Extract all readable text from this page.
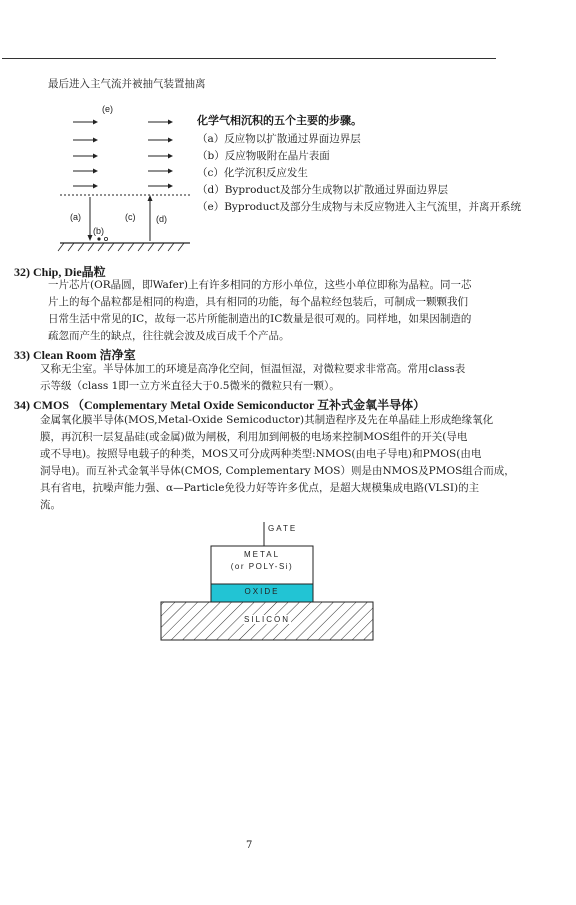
最后进入主气流并被抽气装置抽离
(e)
(a)
(b)
(c) (d)
化学气相沉积的五个主要的步骤。
（a）反应物以扩散通过界面边界层
（b）反应物吸附在晶片表面
（c）化学沉积反应发生
（d）Byproduct及部分生成物以扩散通过界面边界层
（e）Byproduct及部分生成物与未反应物进入主气流里，并离开系统
32) Chip, Die晶粒
一片芯片(OR晶圆，即Wafer)上有许多相同的方形小单位，这些小单位即称为晶粒。同一芯
片上的每个晶粒都是相同的构造，具有相同的功能，每个晶粒经包装后，可制成一颗颗我们
日常生活中常见的IC，故每一芯片所能制造出的IC数量是很可观的。同样地，如果因制造的
疏忽而产生的缺点，往往就会波及成百成千个产品。
33) Clean Room 洁净室
又称无尘室。半导体加工的环境是高净化空间，恒温恒湿，对微粒要求非常高。常用class表
示等级（class 1即一立方米直径大于0.5微米的微粒只有一颗）。
34) CMOS （Complementary Metal Oxide Semiconductor 互补式金氧半导体）
金属氧化膜半导体(MOS,Metal-Oxide Semicoductor)其制造程序及先在单晶硅上形成绝缘氧化
膜，再沉积一层复晶硅(或金属)做为闸极，利用加到闸极的电场来控制MOS组件的开关(导电
或不导电)。按照导电载子的种类，MOS又可分成两种类型:NMOS(由电子导电)和PMOS(由电
洞导电)。而互补式金氧半导体(CMOS, Complementary MOS）则是由NMOS及PMOS组合而成，
具有省电，抗噪声能力强、α—Particle免役力好等许多优点，是超大规模集成电路(VLSI)的主
流。
GATE
METAL
(or POLY-Si)
OXIDE
SILICON
7
